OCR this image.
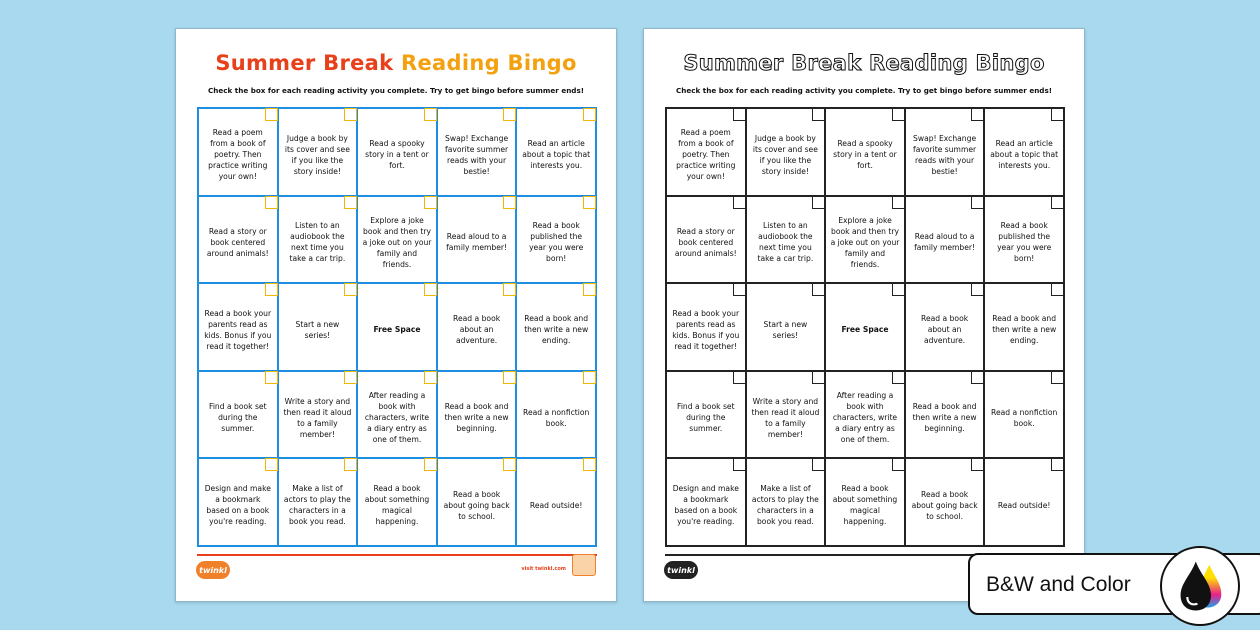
Summer Break Reading Bingo
Check the box for each reading activity you complete. Try to get bingo before summer ends!
Read a poem from a book of poetry. Then practice writing your own!
Judge a book by its cover and see if you like the story inside!
Read a spooky story in a tent or fort.
Swap! Exchange favorite summer reads with your bestie!
Read an article about a topic that interests you.
Read a story or book centered around animals!
Listen to an audiobook the next time you take a car trip.
Explore a joke book and then try a joke out on your family and friends.
Read aloud to a family member!
Read a book published the year you were born!
Read a book your parents read as kids. Bonus if you read it together!
Start a new series!
Free Space
Read a book about an adventure.
Read a book and then write a new ending.
Find a book set during the summer.
Write a story and then read it aloud to a family member!
After reading a book with characters, write a diary entry as one of them.
Read a book and then write a new beginning.
Read a nonfiction book.
Design and make a bookmark based on a book you're reading.
Make a list of actors to play the characters in a book you read.
Read a book about something magical happening.
Read a book about going back to school.
Read outside!
twinkl	visit twinkl.com
Summer Break Reading Bingo
Check the box for each reading activity you complete. Try to get bingo before summer ends!
Read a poem from a book of poetry. Then practice writing your own!
Judge a book by its cover and see if you like the story inside!
Read a spooky story in a tent or fort.
Swap! Exchange favorite summer reads with your bestie!
Read an article about a topic that interests you.
Read a story or book centered around animals!
Listen to an audiobook the next time you take a car trip.
Explore a joke book and then try a joke out on your family and friends.
Read aloud to a family member!
Read a book published the year you were born!
Read a book your parents read as kids. Bonus if you read it together!
Start a new series!
Free Space
Read a book about an adventure.
Read a book and then write a new ending.
Find a book set during the summer.
Write a story and then read it aloud to a family member!
After reading a book with characters, write a diary entry as one of them.
Read a book and then write a new beginning.
Read a nonfiction book.
Design and make a bookmark based on a book you're reading.
Make a list of actors to play the characters in a book you read.
Read a book about something magical happening.
Read a book about going back to school.
Read outside!
twinkl
B&W and Color
